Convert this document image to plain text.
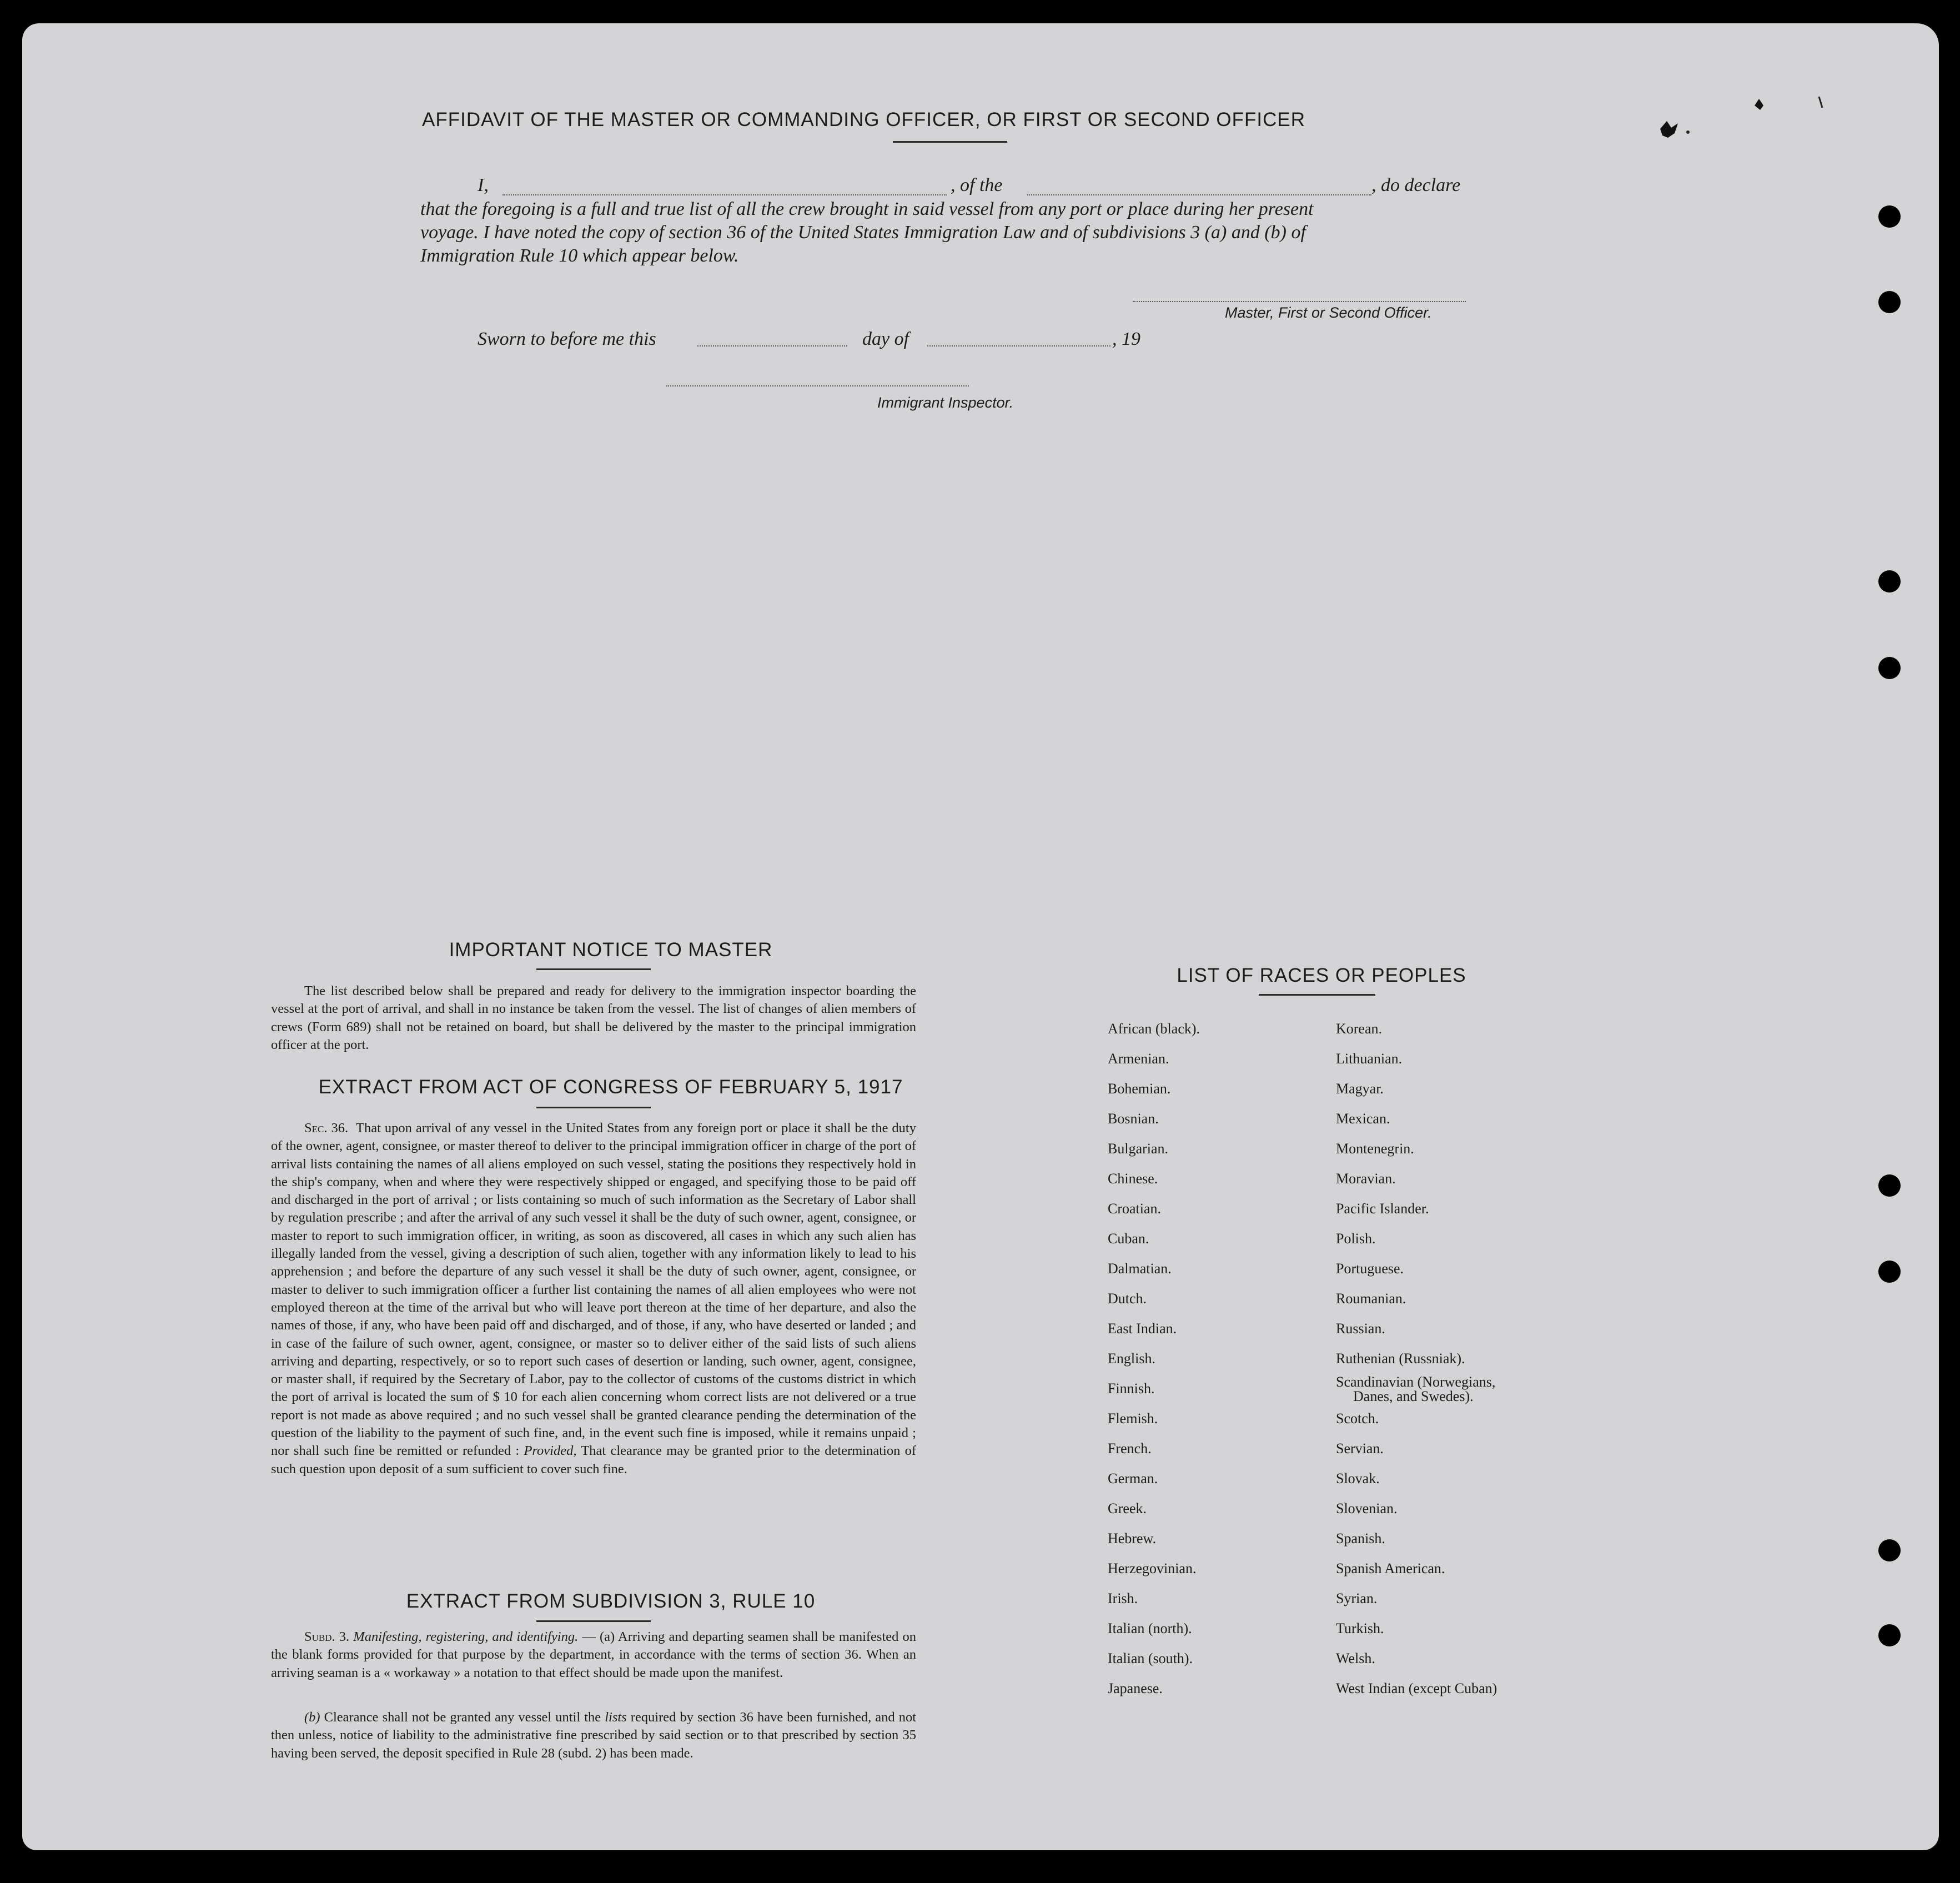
AFFIDAVIT OF THE MASTER OR COMMANDING OFFICER, OR FIRST OR SECOND OFFICER
I,	, of the	, do declare
that the foregoing is a full and true list of all the crew brought in said vessel from any port or place during her present
voyage. I have noted the copy of section 36 of the United States Immigration Law and of subdivisions 3 (a) and (b) of
Immigration Rule 10 which appear below.
Master, First or Second Officer.
Sworn to before me this	day of	, 19
Immigrant Inspector.
IMPORTANT NOTICE TO MASTER
The list described below shall be prepared and ready for delivery to the immigration inspector boarding the vessel at the port of arrival, and shall in no instance be taken from the vessel. The list of changes of alien members of crews (Form 689) shall not be retained on board, but shall be delivered by the master to the principal immigration officer at the port.
EXTRACT FROM ACT OF CONGRESS OF FEBRUARY 5, 1917
Sec. 36. That upon arrival of any vessel in the United States from any foreign port or place it shall be the duty of the owner, agent, consignee, or master thereof to deliver to the principal immigration officer in charge of the port of arrival lists containing the names of all aliens employed on such vessel, stating the positions they respectively hold in the ship's company, when and where they were respectively shipped or engaged, and specifying those to be paid off and discharged in the port of arrival ; or lists containing so much of such information as the Secretary of Labor shall by regulation prescribe ; and after the arrival of any such vessel it shall be the duty of such owner, agent, consignee, or master to report to such immigration officer, in writing, as soon as discovered, all cases in which any such alien has illegally landed from the vessel, giving a description of such alien, together with any information likely to lead to his apprehension ; and before the departure of any such vessel it shall be the duty of such owner, agent, consignee, or master to deliver to such immigration officer a further list containing the names of all alien employees who were not employed thereon at the time of the arrival but who will leave port thereon at the time of her departure, and also the names of those, if any, who have been paid off and discharged, and of those, if any, who have deserted or landed ; and in case of the failure of such owner, agent, consignee, or master so to deliver either of the said lists of such aliens arriving and departing, respectively, or so to report such cases of desertion or landing, such owner, agent, consignee, or master shall, if required by the Secretary of Labor, pay to the collector of customs of the customs district in which the port of arrival is located the sum of $ 10 for each alien concerning whom correct lists are not delivered or a true report is not made as above required ; and no such vessel shall be granted clearance pending the determination of the question of the liability to the payment of such fine, and, in the event such fine is imposed, while it remains unpaid ; nor shall such fine be remitted or refunded : Provided, That clearance may be granted prior to the determination of such question upon deposit of a sum sufficient to cover such fine.
EXTRACT FROM SUBDIVISION 3, RULE 10
Subd. 3. Manifesting, registering, and identifying. — (a) Arriving and departing seamen shall be manifested on the blank forms provided for that purpose by the department, in accordance with the terms of section 36. When an arriving seaman is a « workaway » a notation to that effect should be made upon the manifest.
(b) Clearance shall not be granted any vessel until the lists required by section 36 have been furnished, and not then unless, notice of liability to the administrative fine prescribed by said section or to that prescribed by section 35 having been served, the deposit specified in Rule 28 (subd. 2) has been made.
LIST OF RACES OR PEOPLES
African (black).
Armenian.
Bohemian.
Bosnian.
Bulgarian.
Chinese.
Croatian.
Cuban.
Dalmatian.
Dutch.
East Indian.
English.
Finnish.
Flemish.
French.
German.
Greek.
Hebrew.
Herzegovinian.
Irish.
Italian (north).
Italian (south).
Japanese.
Korean.
Lithuanian.
Magyar.
Mexican.
Montenegrin.
Moravian.
Pacific Islander.
Polish.
Portuguese.
Roumanian.
Russian.
Ruthenian (Russniak).
Scandinavian (Norwegians,
Scotch.
Servian.
Slovak.
Slovenian.
Spanish.
Spanish American.
Syrian.
Turkish.
Welsh.
West Indian (except Cuban)
Danes, and Swedes).
